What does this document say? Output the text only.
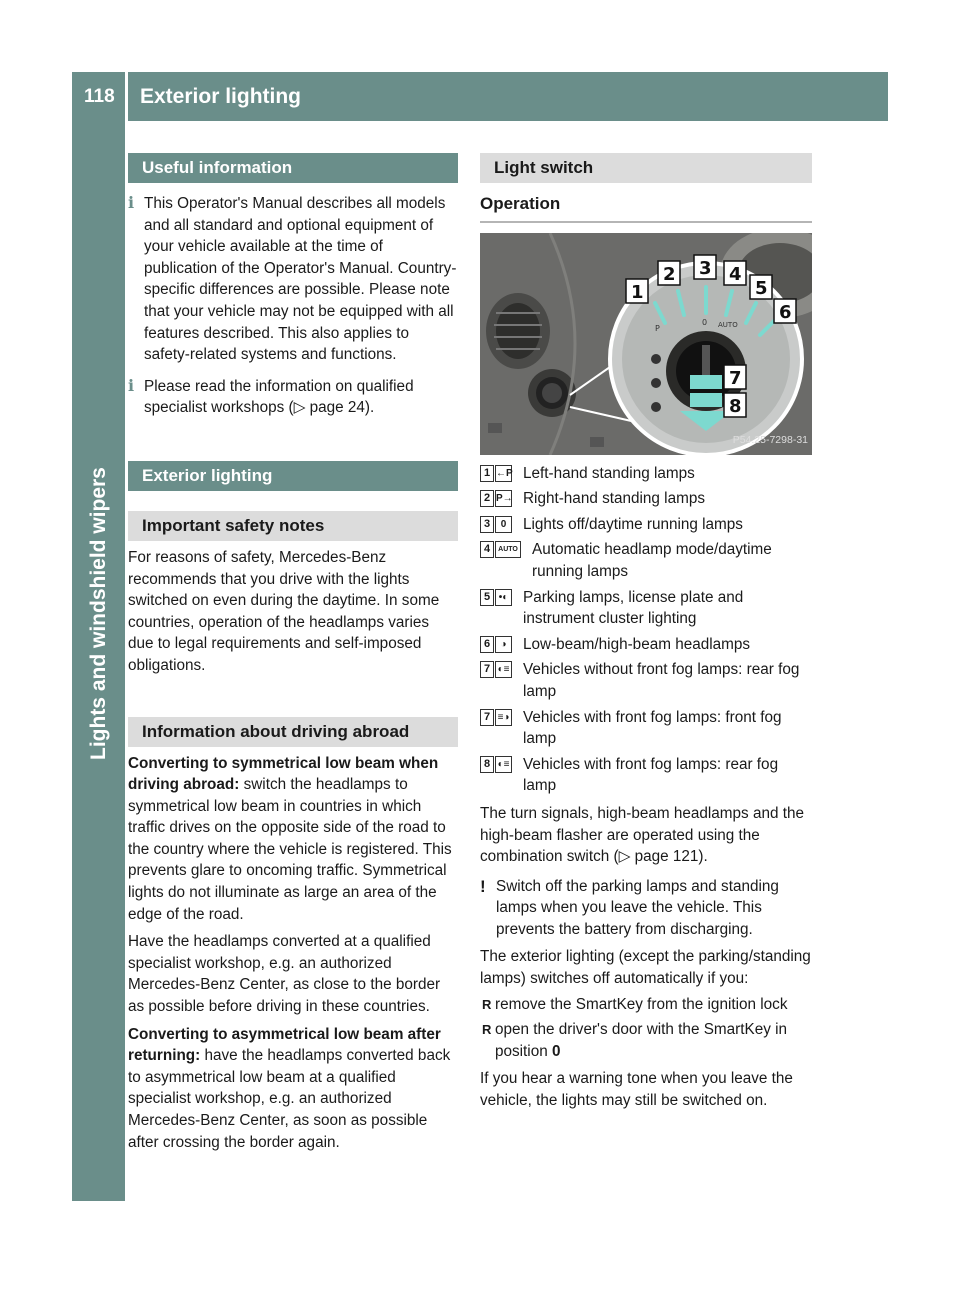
118	Exterior lighting
Lights and windshield wipers
Useful information
i This Operator's Manual describes all models and all standard and optional equipment of your vehicle available at the time of publication of the Operator's Manual. Country-specific differences are possible. Please note that your vehicle may not be equipped with all features described. This also applies to safety-related systems and functions.
i Please read the information on qualified specialist workshops (▷ page 24).
Exterior lighting
Important safety notes

For reasons of safety, Mercedes-Benz recommends that you drive with the lights switched on even during the daytime. In some countries, operation of the headlamps varies due to legal requirements and self-imposed obligations.

Information about driving abroad

Converting to symmetrical low beam when driving abroad: switch the headlamps to symmetrical low beam in countries in which traffic drives on the opposite side of the road to the country where the vehicle is registered. This prevents glare to oncoming traffic. Symmetrical lights do not illuminate as large an area of the edge of the road.

Have the headlamps converted at a qualified specialist workshop, e.g. an authorized Mercedes-Benz Center, as close to the border as possible before driving in these countries.

Converting to asymmetrical low beam after returning: have the headlamps converted back to asymmetrical low beam at a qualified specialist workshop, e.g. an authorized Mercedes-Benz Center, as soon as possible after crossing the border again.

Light switch
Operation
P
0 AUTO
1
2 3 4
5
6
7
8
P54.25-7298-31
1 ←P Left-hand standing lamps
2 P→ Right-hand standing lamps
3	0	Lights off/daytime running lamps
4	AUTO Automatic headlamp mode/daytime running lamps
5 •◐ Parking lamps, license plate and instrument cluster lighting
6	◑	Low-beam/high-beam headlamps
7 ◐≡ Vehicles without front fog lamps: rear fog lamp
7 ≡◑ Vehicles with front fog lamps: front fog lamp
8 ◐≡ Vehicles with front fog lamps: rear fog lamp

The turn signals, high-beam headlamps and the high-beam flasher are operated using the combination switch (▷ page 121).

! Switch off the parking lamps and standing lamps when you leave the vehicle. This prevents the battery from discharging.

The exterior lighting (except the parking/standing lamps) switches off automatically if you:

R remove the SmartKey from the ignition lock
R open the driver's door with the SmartKey in position 0

If you hear a warning tone when you leave the vehicle, the lights may still be switched on.
